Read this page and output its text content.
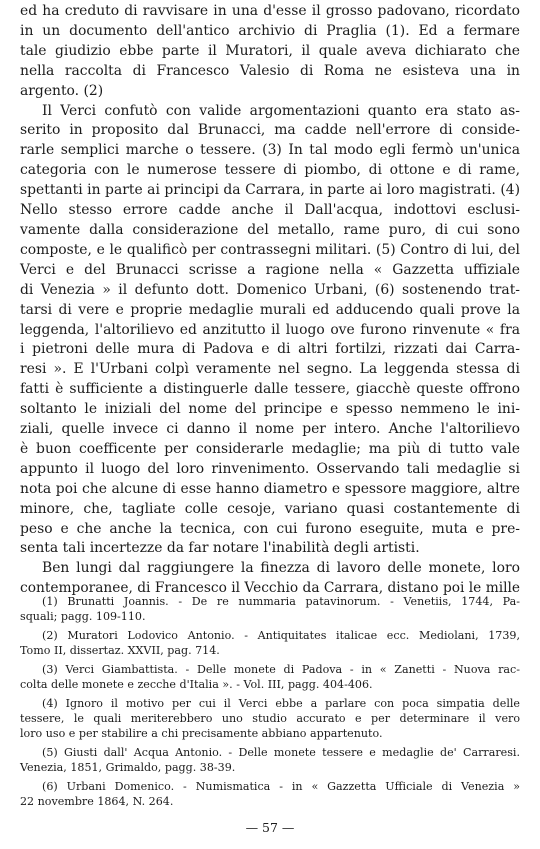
ed ha creduto di ravvisare in una d'esse il grosso padovano, ricordato
in un documento dell'antico archivio di Praglia (1). Ed a fermare
tale giudizio ebbe parte il Muratori, il quale aveva dichiarato che
nella raccolta di Francesco Valesio di Roma ne esisteva una in
argento. (2)
Il Verci confutò con valide argomentazioni quanto era stato as-
serito in proposito dal Brunacci, ma cadde nell'errore di conside-
rarle semplici marche o tessere. (3) In tal modo egli fermò un'unica
categoria con le numerose tessere di piombo, di ottone e di rame,
spettanti in parte ai principi da Carrara, in parte ai loro magistrati. (4)
Nello stesso errore cadde anche il Dall'acqua, indottovi esclusi-
vamente dalla considerazione del metallo, rame puro, di cui sono
composte, e le qualificò per contrassegni militari. (5) Contro di lui, del
Verci e del Brunacci scrisse a ragione nella « Gazzetta uffiziale
di Venezia » il defunto dott. Domenico Urbani, (6) sostenendo trat-
tarsi di vere e proprie medaglie murali ed adducendo quali prove la
leggenda, l'altorilievo ed anzitutto il luogo ove furono rinvenute « fra
i pietroni delle mura di Padova e di altri fortilzi, rizzati dai Carra-
resi ». E l'Urbani colpì veramente nel segno. La leggenda stessa di
fatti è sufficiente a distinguerle dalle tessere, giacchè queste offrono
soltanto le iniziali del nome del principe e spesso nemmeno le ini-
ziali, quelle invece ci danno il nome per intero. Anche l'altorilievo
è buon coefficente per considerarle medaglie; ma più di tutto vale
appunto il luogo del loro rinvenimento. Osservando tali medaglie si
nota poi che alcune di esse hanno diametro e spessore maggiore, altre
minore, che, tagliate colle cesoje, variano quasi costantemente di
peso e che anche la tecnica, con cui furono eseguite, muta e pre-
senta tali incertezze da far notare l'inabilità degli artisti.
Ben lungi dal raggiungere la finezza di lavoro delle monete, loro
contemporanee, di Francesco il Vecchio da Carrara, distano poi le mille
(1) Brunatti Joannis. - De re nummaria patavinorum. - Venetiis, 1744, Pa-
squali; pagg. 109-110.
(2) Muratori Lodovico Antonio. - Antiquitates italicae ecc. Mediolani, 1739,
Tomo II, dissertaz. XXVII, pag. 714.
(3) Verci Giambattista. - Delle monete di Padova - in « Zanetti - Nuova rac-
colta delle monete e zecche d'Italia ». - Vol. III, pagg. 404-406.
(4) Ignoro il motivo per cui il Verci ebbe a parlare con poca simpatia delle
tessere, le quali meriterebbero uno studio accurato e per determinare il vero
loro uso e per stabilire a chi precisamente abbiano appartenuto.
(5) Giusti dall' Acqua Antonio. - Delle monete tessere e medaglie de' Carraresi.
Venezia, 1851, Grimaldo, pagg. 38-39.
(6) Urbani Domenico. - Numismatica - in « Gazzetta Ufficiale di Venezia »
22 novembre 1864, N. 264.
— 57 —
